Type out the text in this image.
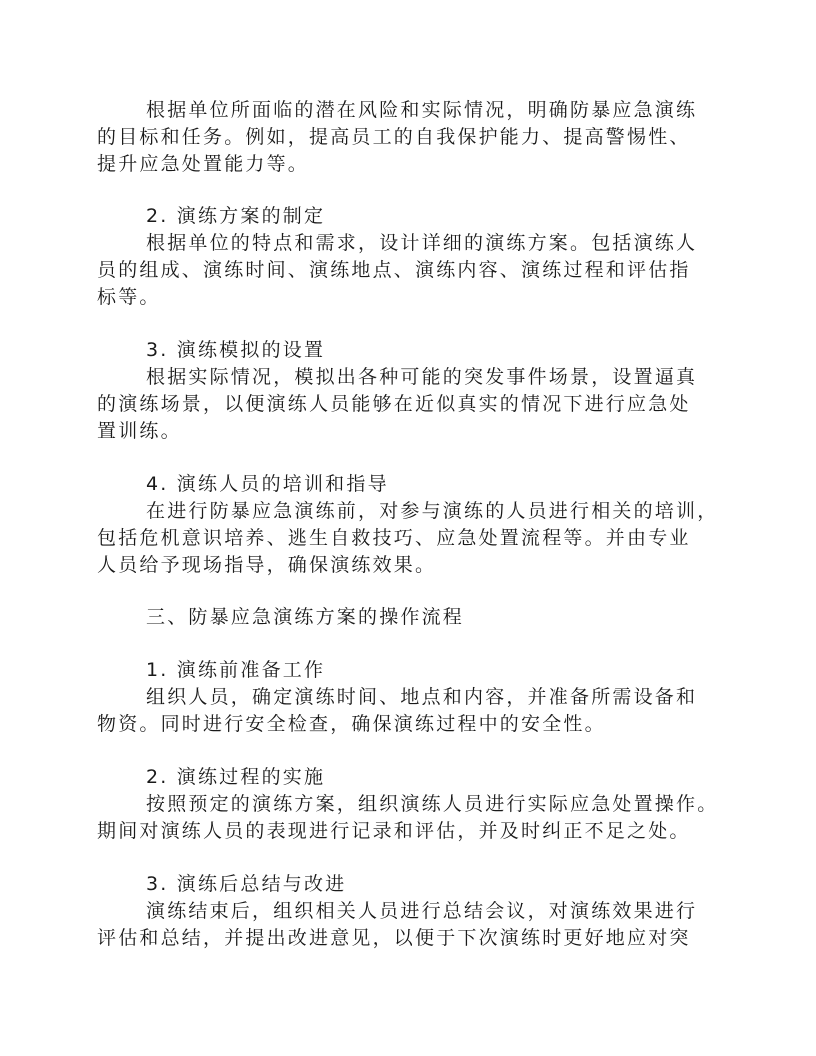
根据单位所面临的潜在风险和实际情况，明确防暴应急演练
的目标和任务。例如，提高员工的自我保护能力、提高警惕性、
提升应急处置能力等。
2. 演练方案的制定
根据单位的特点和需求，设计详细的演练方案。包括演练人
员的组成、演练时间、演练地点、演练内容、演练过程和评估指
标等。
3. 演练模拟的设置
根据实际情况，模拟出各种可能的突发事件场景，设置逼真
的演练场景，以便演练人员能够在近似真实的情况下进行应急处
置训练。
4. 演练人员的培训和指导
在进行防暴应急演练前，对参与演练的人员进行相关的培训，
包括危机意识培养、逃生自救技巧、应急处置流程等。并由专业
人员给予现场指导，确保演练效果。
三、防暴应急演练方案的操作流程
1. 演练前准备工作
组织人员，确定演练时间、地点和内容，并准备所需设备和
物资。同时进行安全检查，确保演练过程中的安全性。
2. 演练过程的实施
按照预定的演练方案，组织演练人员进行实际应急处置操作。
期间对演练人员的表现进行记录和评估，并及时纠正不足之处。
3. 演练后总结与改进
演练结束后，组织相关人员进行总结会议，对演练效果进行
评估和总结，并提出改进意见，以便于下次演练时更好地应对突
